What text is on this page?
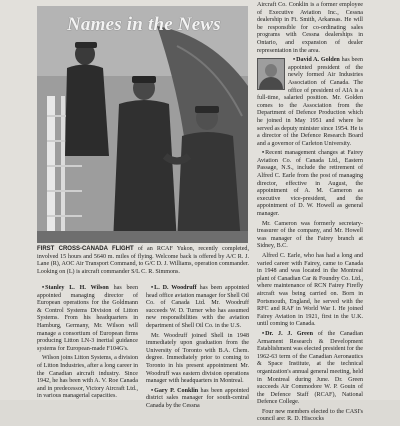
Names in the News
FIRST CROSS-CANADA FLIGHT of an RCAF Yukon, recently completed, involved 15 hours and 5640 m. miles of flying. Welcome back is offered by A/C R. J. Lane (R), AOC Air Transport Command, to G/C D. J. Williams, operation commander. Looking on (L) is aircraft commander S/L C. R. Simmons.

•Stanley L. H. Wilson has been appointed managing director of European operations for the Goldmann & Control Systems Division of Litton Systems. From his headquarters in Hamburg, Germany, Mr. Wilson will manage a consortium of European firms producing Litton LN-3 inertial guidance systems for European-made F104G's.

Wilson joins Litton Systems, a division of Litton Industries, after a long career in the Canadian aircraft industry. Since 1942, he has been with A. V. Roe Canada and in predecessor, Victory Aircraft Ltd., in various managerial capacities.

•L. D. Woodruff has been appointed head office aviation manager for Shell Oil Co. of Canada Ltd. Mr. Woodruff succeeds W. D. Turner who has assumed new responsibilities with the aviation department of Shell Oil Co. in the U.S.

Mr. Woodruff joined Shell in 1948 immediately upon graduation from the University of Toronto with B.A. Chem. degree. Immediately prior to coming to Toronto in his present appointment Mr. Woodruff was eastern division operations manager with headquarters in Montreal.

•Gary P. Conklin has been appointed district sales manager for south-central Canada by the Cessna

Aircraft Co. Conklin is a former employee of Executive Aviation Inc., Cessna dealership in Ft. Smith, Arkansas. He will be responsible for co-ordinating sales programs with Cessna dealerships in Ontario, and expansion of dealer representation in the area.

•David A. Golden has been appointed president of the newly formed Air Industries Association of Canada. The office of president of AIA is a full-time, salaried position. Mr. Golden comes to the Association from the Department of Defence Production which he joined in May 1951 and where he served as deputy minister since 1954. He is a director of the Defence Research Board and a governor of Carleton University.

•Recent management changes at Fairey Aviation Co. of Canada Ltd., Eastern Passage, N.S., include the retirement of Alfred C. Earle from the post of managing director, effective in August, the appointment of A. M. Cameron as executive vice-president, and the appointment of D. W. Howell as general manager.

Mr. Cameron was formerly secretary-treasurer of the company, and Mr. Howell was manager of the Fairey branch at Sidney, B.C.

Alfred C. Earle, who has had a long and varied career with Fairey, came to Canada in 1948 and was located in the Montreal plant of Canadian Car & Foundry Co. Ltd., where maintenance of RCN Fairey Firefly aircraft was being carried on. Born in Portsmouth, England, he served with the RFC and RAF in World War I. He joined Fairey Aviation in 1921, first in the U.K. until coming to Canada.

•Dr. J. J. Green of the Canadian Armament Research & Development Establishment was elected president for the 1962-63 term of the Canadian Aeronautics & Space Institute, at the technical organization's annual general meeting, held in Montreal during June. Dr. Green succeeds Air Commodore W. P. Gouin of the Defence Staff (RCAF), National Defence College.

Four new members elected to the CASI's council are: R. D. Hiscocks
